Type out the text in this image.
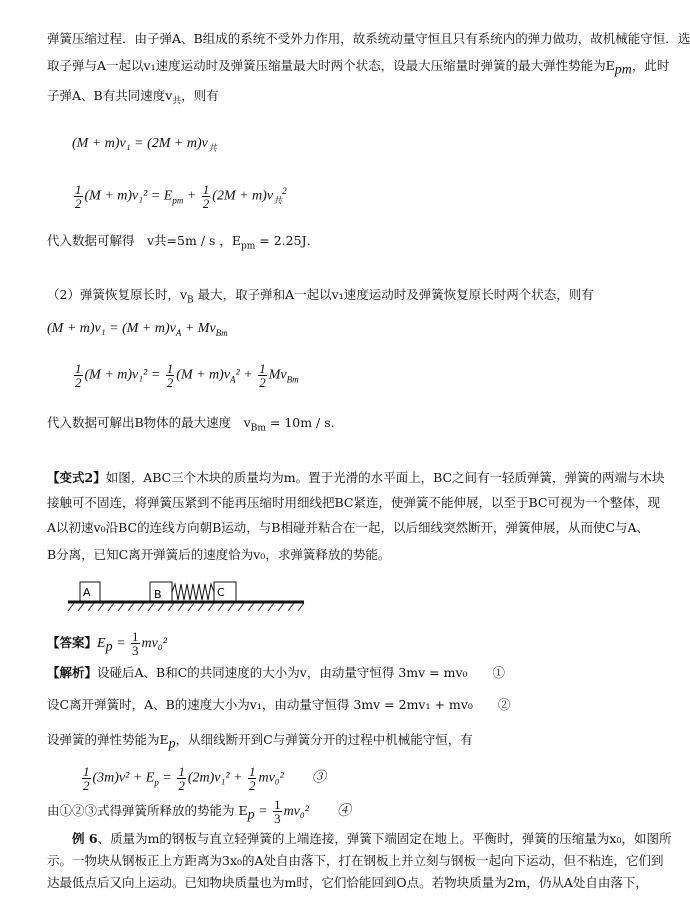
弹簧压缩过程．由子弹A、B组成的系统不受外力作用，故系统动量守恒且只有系统内的弹力做功，故机械能守恒．选
取子弹与A一起以v₁速度运动时及弹簧压缩量最大时两个状态，设最大压缩量时弹簧的最大弹性势能为$E_{pm}$，此时
子弹A、B有共同速度$v_共$，则有
$(M + m)v_1 = (2M + m)v_共$
$\frac{1}{2} (M + m)v_1^2 = E_{pm} + \frac{1}{2} (2M + m)v_共^2$
代入数据可解得　v共=5m / s ，$E_{pm} = 2.25J$．
（2）弹簧恢复原长时，$v_B$ 最大，取子弹和A一起以v₁速度运动时及弹簧恢复原长时两个状态，则有
$(M + m)v_1 = (M + m)v_A + Mv_{Bm}$
$\frac{1}{2} (M + m)v_1^2 = \frac{1}{2} (M + m)v_A^2 + \frac{1}{2} Mv_{Bm}$
代入数据可解出B物体的最大速度　$v_{Bm} = 10m / s$．
【变式2】如图，ABC三个木块的质量均为m。置于光滑的水平面上，BC之间有一轻质弹簧，弹簧的两端与木块
接触可不固连，将弹簧压紧到不能再压缩时用细线把BC紧连，使弹簧不能伸展，以至于BC可视为一个整体，现
A以初速v₀沿BC的连线方向朝B运动，与B相碰并粘合在一起，以后细线突然断开，弹簧伸展，从而使C与A、
B分离，已知C离开弹簧后的速度恰为v₀，求弹簧释放的势能。
A	B	C
【答案】$E_p = \frac{1}{3} mv_0^2$
【解析】设碰后A、B和C的共同速度的大小为v，由动量守恒得 3mv = mv₀　　①
设C离开弹簧时，A、B的速度大小为v₁，由动量守恒得 3mv = 2mv₁ + mv₀　　②
设弹簧的弹性势能为$E_p$，从细线断开到C与弹簧分开的过程中机械能守恒，有
$\frac{1}{2} (3m)v^2 + E_p = \frac{1}{2} (2m)v_1^2 + \frac{1}{2} mv_0^2$　　③
由①②③式得弹簧所释放的势能为 $E_p = \frac{1}{3} mv_0^2$　　④
例 6、质量为m的钢板与直立轻弹簧的上端连接，弹簧下端固定在地上。平衡时，弹簧的压缩量为x₀，如图所
示。一物块从钢板正上方距离为3x₀的A处自由落下，打在钢板上并立刻与钢板一起向下运动，但不粘连，它们到
达最低点后又向上运动。已知物块质量也为m时，它们恰能回到O点。若物块质量为2m，仍从A处自由落下，
